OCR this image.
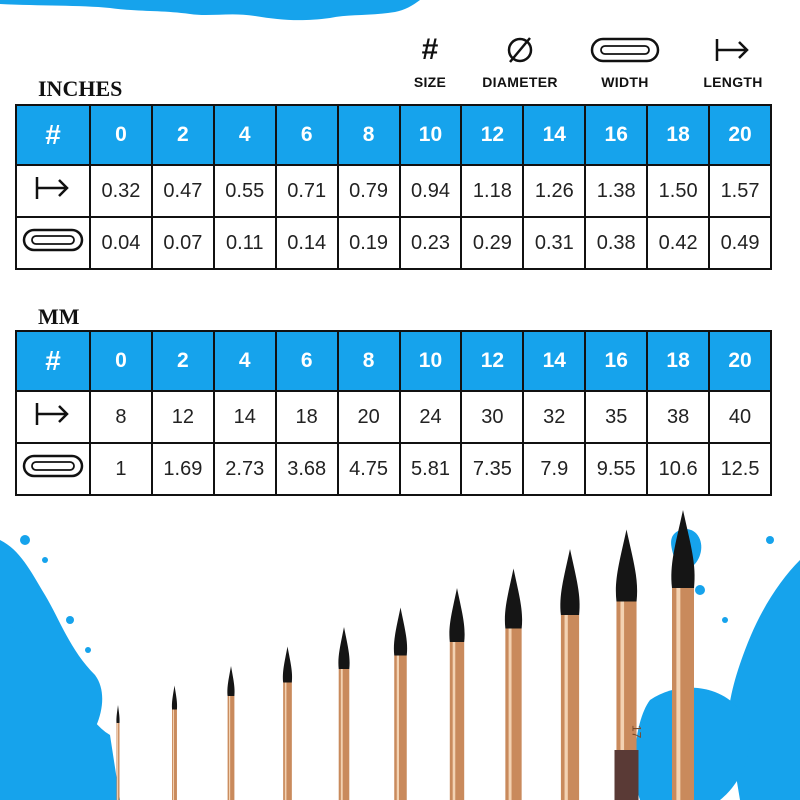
#
SIZE	DIAMETER	WIDTH	LENGTH
INCHES
#	0	2	4	6	8	10	12	14	16	18	20
	0.32	0.47	0.55	0.71	0.79	0.94	1.18	1.26	1.38	1.50	1.57
	0.04	0.07	0.11	0.14	0.19	0.23	0.29	0.31	0.38	0.42	0.49
MM
#	0	2	4	6	8	10	12	14	16	18	20
	8	12	14	18	20	24	30	32	35	38	40
	1	1.69	2.73	3.68	4.75	5.81	7.35	7.9	9.55	10.6	12.5
17
